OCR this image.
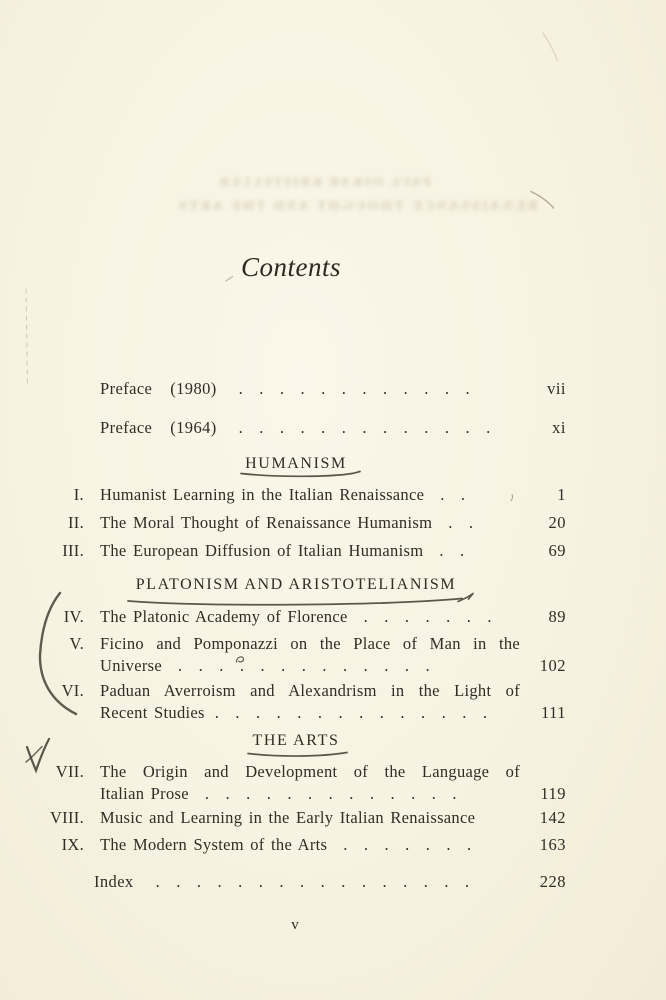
PAUL OSKAR KRISTELLER
RENAISSANCE THOUGHT AND THE ARTS
Contents
Preface (1980) . . . . . . . . . . . .	vii
Preface (1964) . . . . . . . . . . . . .	xi
HUMANISM
I. Humanist Learning in the Italian Renaissance . .	1
II. The Moral Thought of Renaissance Humanism . .	20
III. The European Diffusion of Italian Humanism . .	69
PLATONISM AND ARISTOTELIANISM
IV. The Platonic Academy of Florence . . . . . . .	89
V. Ficino and Pomponazzi on the Place of Man in the
Universe . . . . . . . . . . . . .	102
VI. Paduan Averroism and Alexandrism in the Light of
Recent Studies . . . . . . . . . . . . . .	111
THE ARTS
VII. The Origin and Development of the Language of
Italian Prose . . . . . . . . . . . . .	119
VIII. Music and Learning in the Early Italian Renaissance	142
IX. The Modern System of the Arts . . . . . . .	163
Index . . . . . . . . . . . . . . . .	228
v
